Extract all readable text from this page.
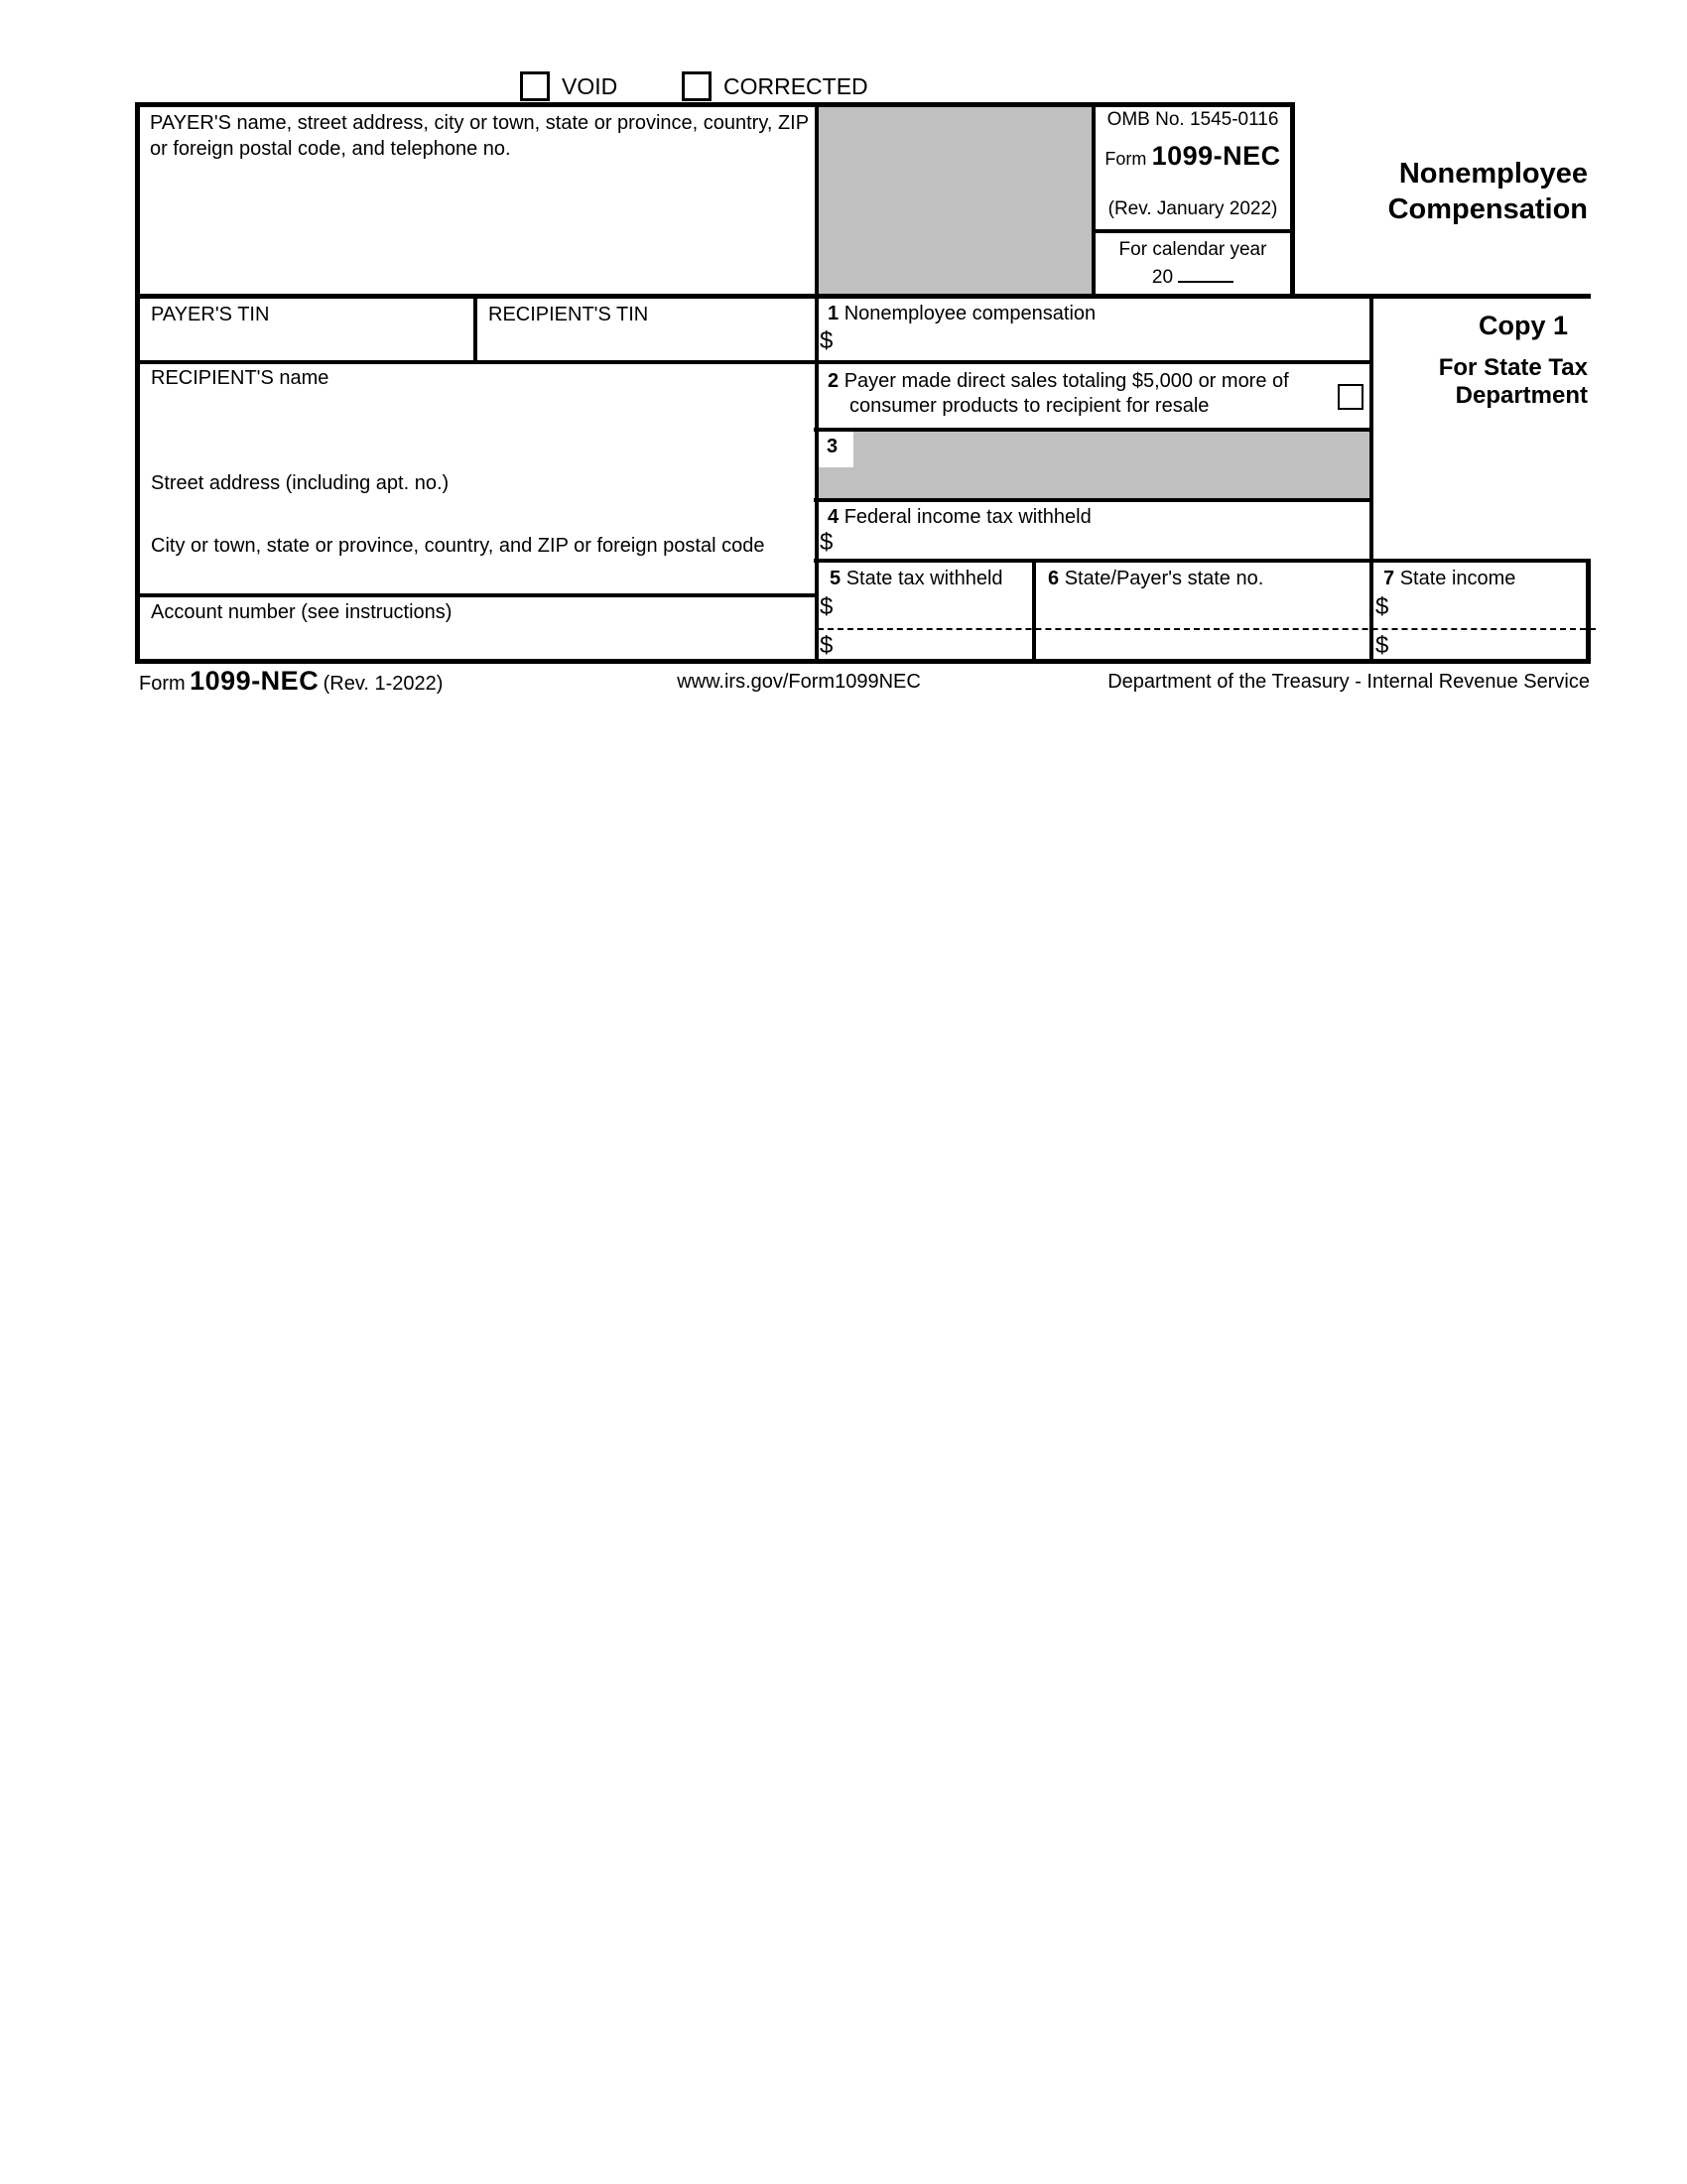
VOID	CORRECTED
PAYER'S name, street address, city or town, state or province, country, ZIP or foreign postal code, and telephone no.
OMB No. 1545-0116
Form 1099-NEC
(Rev. January 2022)
For calendar year
20
Nonemployee
Compensation
PAYER'S TIN	RECIPIENT'S TIN	1 Nonemployee compensation
$
2 Payer made direct sales totaling $5,000 or more of
consumer products to recipient for resale
3
4 Federal income tax withheld
$
RECIPIENT'S name
Street address (including apt. no.)
City or town, state or province, country, and ZIP or foreign postal code
Account number (see instructions)
Copy 1
For State Tax
Department
5 State tax withheld
$
$
6 State/Payer's state no.	7 State income
$
$
Form 1099-NEC (Rev. 1-2022)	www.irs.gov/Form1099NEC	Department of the Treasury - Internal Revenue Service
